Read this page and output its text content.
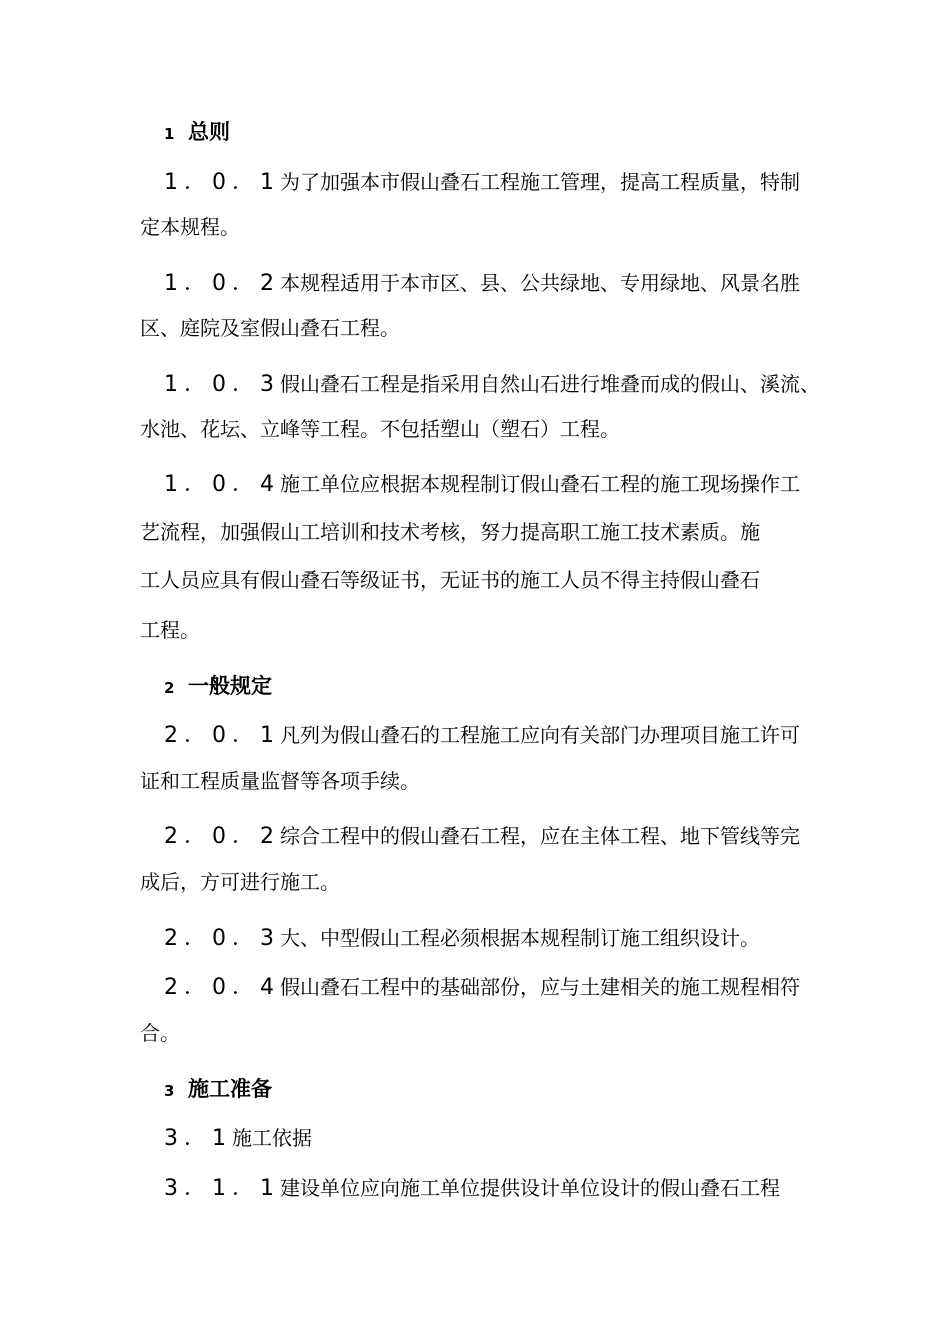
1 总则
1．0．1为了加强本市假山叠石工程施工管理，提高工程质量，特制
定本规程。
1．0．2本规程适用于本市区、县、公共绿地、专用绿地、风景名胜
区、庭院及室假山叠石工程。
1．0．3假山叠石工程是指采用自然山石进行堆叠而成的假山、溪流、
水池、花坛、立峰等工程。不包括塑山（塑石）工程。
1．0．4施工单位应根据本规程制订假山叠石工程的施工现场操作工
艺流程，加强假山工培训和技术考核，努力提高职工施工技术素质。施
工人员应具有假山叠石等级证书，无证书的施工人员不得主持假山叠石
工程。
2 一般规定
2．0．1凡列为假山叠石的工程施工应向有关部门办理项目施工许可
证和工程质量监督等各项手续。
2．0．2综合工程中的假山叠石工程，应在主体工程、地下管线等完
成后，方可进行施工。
2．0．3大、中型假山工程必须根据本规程制订施工组织设计。
2．0．4假山叠石工程中的基础部份，应与土建相关的施工规程相符
合。
3 施工准备
3．1施工依据
3．1．1建设单位应向施工单位提供设计单位设计的假山叠石工程
